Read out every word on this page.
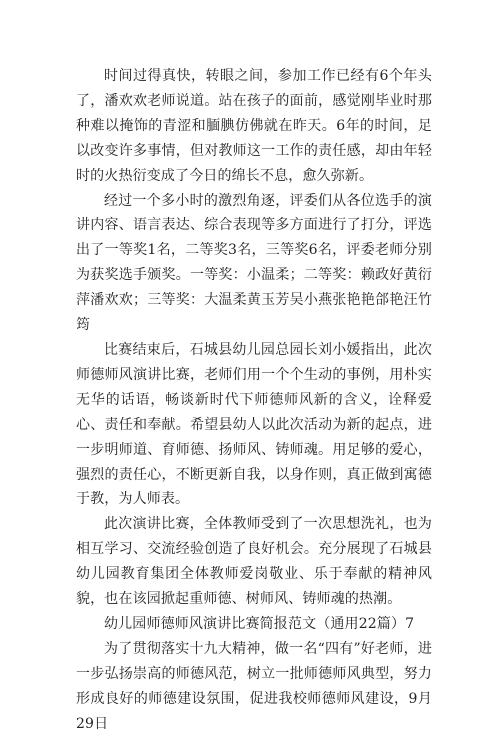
时间过得真快，转眼之间，参加工作已经有6个年头了，潘欢欢老师说道。站在孩子的面前，感觉刚毕业时那种难以掩饰的青涩和腼腆仿佛就在昨天。6年的时间，足以改变许多事情，但对教师这一工作的责任感，却由年轻时的火热衍变成了今日的绵长不息，愈久弥新。

经过一个多小时的激烈角逐，评委们从各位选手的演讲内容、语言表达、综合表现等多方面进行了打分，评选出了一等奖1名，二等奖3名，三等奖6名，评委老师分别为获奖选手颁奖。一等奖：小温柔；二等奖：赖政好黄衍萍潘欢欢；三等奖：大温柔黄玉芳吴小燕张艳艳郃艳汪竹筠

比赛结束后，石城县幼儿园总园长刘小媛指出，此次师德师风演讲比赛，老师们用一个个生动的事例，用朴实无华的话语，畅谈新时代下师德师风新的含义，诠释爱心、责任和奉献。希望县幼人以此次活动为新的起点，进一步明师道、育师德、扬师风、铸师魂。用足够的爱心，强烈的责任心，不断更新自我，以身作则，真正做到寓德于教，为人师表。

此次演讲比赛，全体教师受到了一次思想洗礼，也为相互学习、交流经验创造了良好机会。充分展现了石城县幼儿园教育集团全体教师爱岗敬业、乐于奉献的精神风貌，也在该园掀起重师德、树师风、铸师魂的热潮。

幼儿园师德师风演讲比赛简报范文（通用22篇）7

为了贯彻落实十九大精神，做一名“四有”好老师，进一步弘扬崇高的师德风范，树立一批师德师风典型，努力形成良好的师德建设氛围，促进我校师德师风建设，9月29日
